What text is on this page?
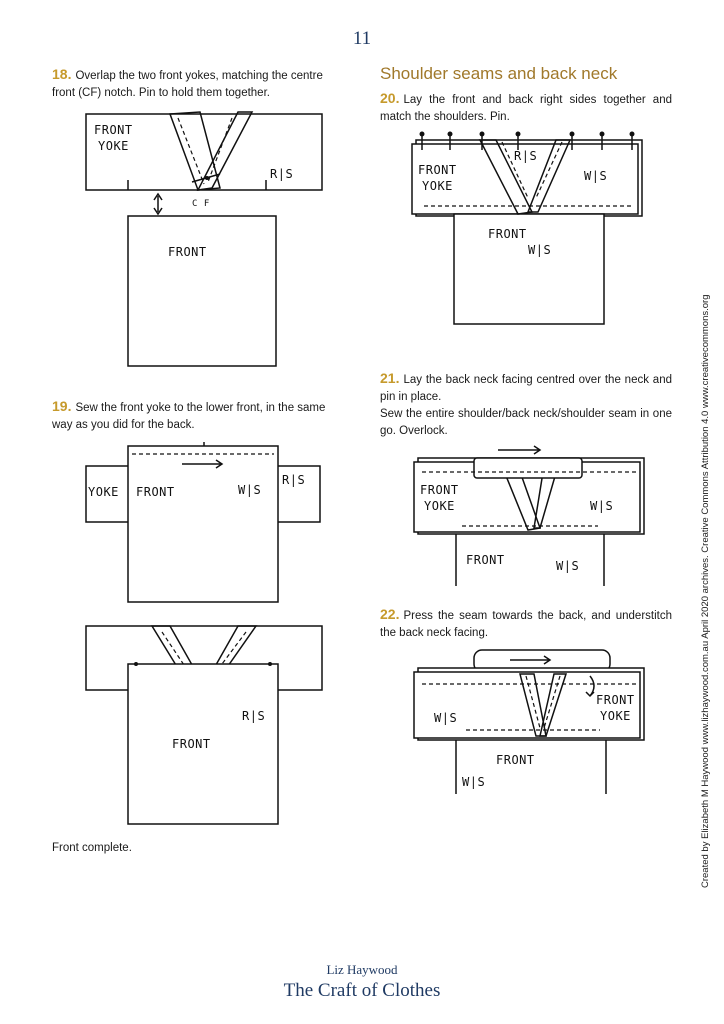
11
18. Overlap the two front yokes, matching the centre front (CF) notch. Pin to hold them together.
FRONT
YOKE
R|S
C F
FRONT
19. Sew the front yoke to the lower front, in the same way as you did for the back.
YOKE FRONT	W|S
R|S
R|S
FRONT
Front complete.
Shoulder seams and back neck
20. Lay the front and back right sides together and match the shoulders. Pin.
FRONT
YOKE
R|S
W|S
FRONT
W|S
21. Lay the back neck facing centred over the neck and pin in place.
Sew the entire shoulder/back neck/shoulder seam in one go. Overlock.
FRONT
YOKE	W|S
FRONT	W|S
22. Press the seam towards the back, and understitch the back neck facing.
FRONT
YOKE
W|S
FRONT
W|S	Created by Elizabeth M Haywood www.lizhaywood.com.au April 2020 archives. Creative Commons Attribution 4.0 www.creativecommons.org
Liz Haywood
The Craft of Clothes
